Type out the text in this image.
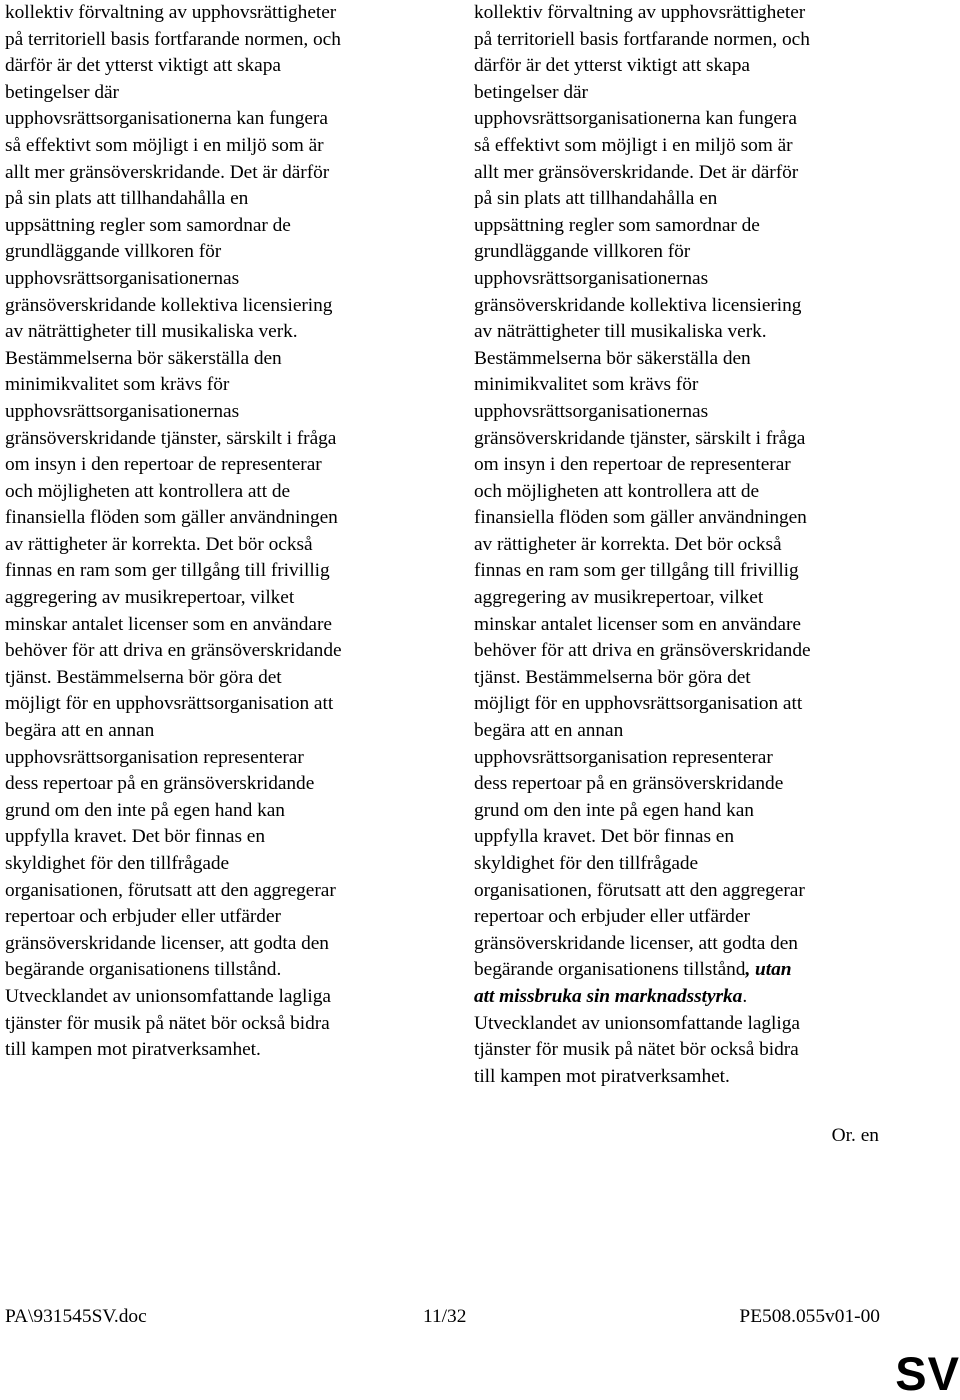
kollektiv förvaltning av upphovsrättigheter
på territoriell basis fortfarande normen, och
därför är det ytterst viktigt att skapa
betingelser där
upphovsrättsorganisationerna kan fungera
så effektivt som möjligt i en miljö som är
allt mer gränsöverskridande. Det är därför
på sin plats att tillhandahålla en
uppsättning regler som samordnar de
grundläggande villkoren för
upphovsrättsorganisationernas
gränsöverskridande kollektiva licensiering
av näträttigheter till musikaliska verk.
Bestämmelserna bör säkerställa den
minimikvalitet som krävs för
upphovsrättsorganisationernas
gränsöverskridande tjänster, särskilt i fråga
om insyn i den repertoar de representerar
och möjligheten att kontrollera att de
finansiella flöden som gäller användningen
av rättigheter är korrekta. Det bör också
finnas en ram som ger tillgång till frivillig
aggregering av musikrepertoar, vilket
minskar antalet licenser som en användare
behöver för att driva en gränsöverskridande
tjänst. Bestämmelserna bör göra det
möjligt för en upphovsrättsorganisation att
begära att en annan
upphovsrättsorganisation representerar
dess repertoar på en gränsöverskridande
grund om den inte på egen hand kan
uppfylla kravet. Det bör finnas en
skyldighet för den tillfrågade
organisationen, förutsatt att den aggregerar
repertoar och erbjuder eller utfärder
gränsöverskridande licenser, att godta den
begärande organisationens tillstånd.
Utvecklandet av unionsomfattande lagliga
tjänster för musik på nätet bör också bidra
till kampen mot piratverksamhet.
kollektiv förvaltning av upphovsrättigheter
på territoriell basis fortfarande normen, och
därför är det ytterst viktigt att skapa
betingelser där
upphovsrättsorganisationerna kan fungera
så effektivt som möjligt i en miljö som är
allt mer gränsöverskridande. Det är därför
på sin plats att tillhandahålla en
uppsättning regler som samordnar de
grundläggande villkoren för
upphovsrättsorganisationernas
gränsöverskridande kollektiva licensiering
av näträttigheter till musikaliska verk.
Bestämmelserna bör säkerställa den
minimikvalitet som krävs för
upphovsrättsorganisationernas
gränsöverskridande tjänster, särskilt i fråga
om insyn i den repertoar de representerar
och möjligheten att kontrollera att de
finansiella flöden som gäller användningen
av rättigheter är korrekta. Det bör också
finnas en ram som ger tillgång till frivillig
aggregering av musikrepertoar, vilket
minskar antalet licenser som en användare
behöver för att driva en gränsöverskridande
tjänst. Bestämmelserna bör göra det
möjligt för en upphovsrättsorganisation att
begära att en annan
upphovsrättsorganisation representerar
dess repertoar på en gränsöverskridande
grund om den inte på egen hand kan
uppfylla kravet. Det bör finnas en
skyldighet för den tillfrågade
organisationen, förutsatt att den aggregerar
repertoar och erbjuder eller utfärder
gränsöverskridande licenser, att godta den
begärande organisationens tillstånd, utan
att missbruka sin marknadsstyrka.
Utvecklandet av unionsomfattande lagliga
tjänster för musik på nätet bör också bidra
till kampen mot piratverksamhet.
Or. en
PA\931545SV.doc	11/32	PE508.055v01-00
SV
